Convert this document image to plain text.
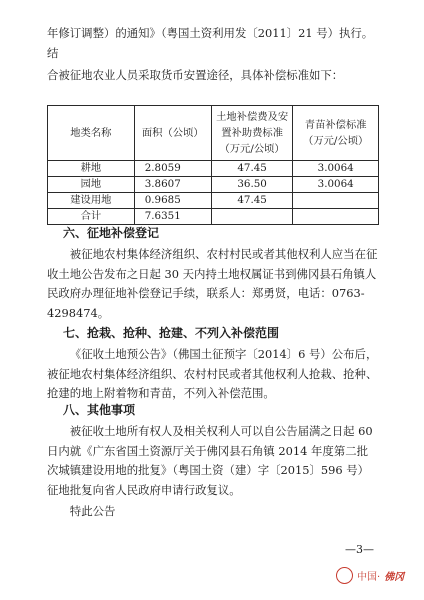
年修订调整）的通知》（粤国土资利用发〔2011〕21 号）执行。结

合被征地农业人员采取货币安置途径，具体补偿标准如下：

地类名称	面积（公顷）	土地补偿费及安置补助费标准（万元/公顷）	青苗补偿标准（万元/公顷）
耕地	2.8059	47.45	3.0064
园地	3.8607	36.50	3.0064
建设用地	0.9685	47.45	
合计	7.6351		
六、征地补偿登记

被征地农村集体经济组织、农村村民或者其他权利人应当在征收土地公告发布之日起 30 天内持土地权属证书到佛冈县石角镇人民政府办理征地补偿登记手续，联系人：郑勇贤，电话：0763-4298474。

七、抢栽、抢种、抢建、不列入补偿范围

《征收土地预公告》（佛国土征预字〔2014〕6 号）公布后，被征地农村集体经济组织、农村村民或者其他权利人抢栽、抢种、抢建的地上附着物和青苗，不列入补偿范围。

八、其他事项

被征收土地所有权人及相关权利人可以自公告届满之日起 60 日内就《广东省国土资源厅关于佛冈县石角镇 2014 年度第二批次城镇建设用地的批复》（粤国土资（建）字〔2015〕596 号）征地批复向省人民政府申请行政复议。

特此公告

—3—

中国· 佛冈
